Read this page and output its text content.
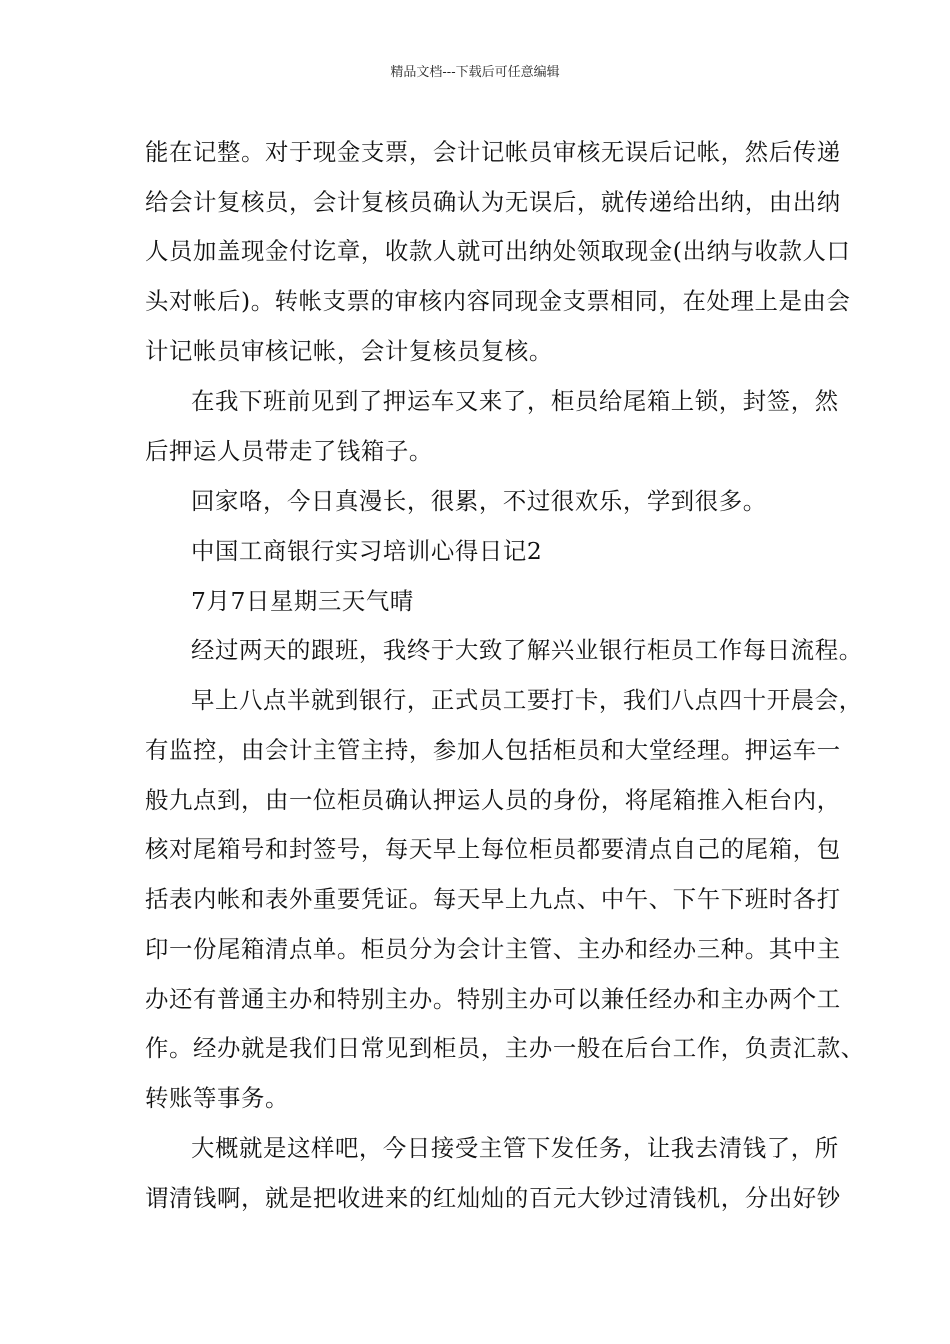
精品文档---下载后可任意编辑
能在记整。对于现金支票，会计记帐员审核无误后记帐，然后传递
给会计复核员，会计复核员确认为无误后，就传递给出纳，由出纳
人员加盖现金付讫章，收款人就可出纳处领取现金(出纳与收款人口
头对帐后)。转帐支票的审核内容同现金支票相同，在处理上是由会
计记帐员审核记帐，会计复核员复核。
在我下班前见到了押运车又来了，柜员给尾箱上锁，封签，然
后押运人员带走了钱箱子。
回家咯，今日真漫长，很累，不过很欢乐，学到很多。
中国工商银行实习培训心得日记2
7月7日星期三天气晴
经过两天的跟班，我终于大致了解兴业银行柜员工作每日流程。
早上八点半就到银行，正式员工要打卡，我们八点四十开晨会，
有监控，由会计主管主持，参加人包括柜员和大堂经理。押运车一
般九点到，由一位柜员确认押运人员的身份，将尾箱推入柜台内，
核对尾箱号和封签号，每天早上每位柜员都要清点自己的尾箱，包
括表内帐和表外重要凭证。每天早上九点、中午、下午下班时各打
印一份尾箱清点单。柜员分为会计主管、主办和经办三种。其中主
办还有普通主办和特别主办。特别主办可以兼任经办和主办两个工
作。经办就是我们日常见到柜员，主办一般在后台工作，负责汇款、
转账等事务。
大概就是这样吧，今日接受主管下发任务，让我去清钱了，所
谓清钱啊，就是把收进来的红灿灿的百元大钞过清钱机，分出好钞
